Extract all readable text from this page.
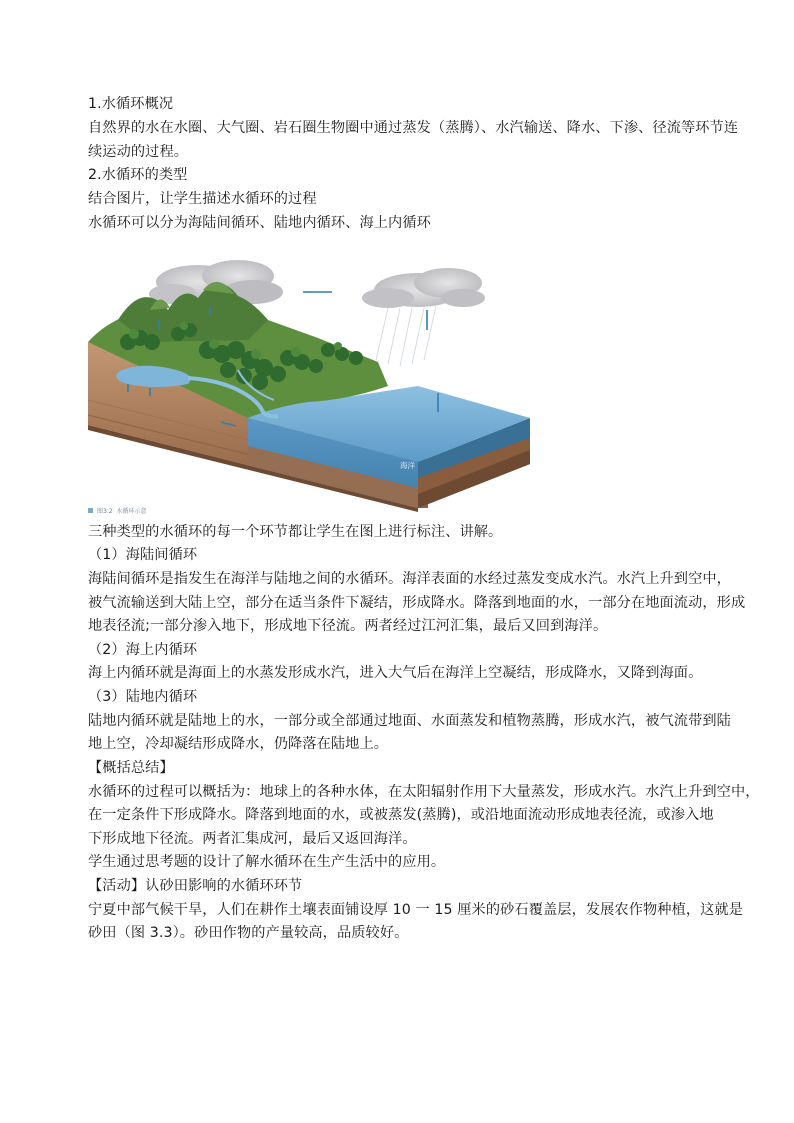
1.水循环概况
自然界的水在水圈、大气圈、岩石圈生物圈中通过蒸发（蒸腾）、水汽输送、降水、下渗、径流等环节连
续运动的过程。
2.水循环的类型
结合图片，让学生描述水循环的过程
水循环可以分为海陆间循环、陆地内循环、海上内循环
海洋
图3.2 水循环示意
三种类型的水循环的每一个环节都让学生在图上进行标注、讲解。
（1）海陆间循环
海陆间循环是指发生在海洋与陆地之间的水循环。海洋表面的水经过蒸发变成水汽。水汽上升到空中，
被气流输送到大陆上空，部分在适当条件下凝结，形成降水。降落到地面的水，一部分在地面流动，形成
地表径流;一部分渗入地下，形成地下径流。两者经过江河汇集，最后又回到海洋。
（2）海上内循环
海上内循环就是海面上的水蒸发形成水汽，进入大气后在海洋上空凝结，形成降水，又降到海面。
（3）陆地内循环
陆地内循环就是陆地上的水，一部分或全部通过地面、水面蒸发和植物蒸腾，形成水汽，被气流带到陆
地上空，冷却凝结形成降水，仍降落在陆地上。
【概括总结】
水循环的过程可以概括为：地球上的各种水体，在太阳辐射作用下大量蒸发，形成水汽。水汽上升到空中，
在一定条件下形成降水。降落到地面的水，或被蒸发(蒸腾)，或沿地面流动形成地表径流，或渗入地
下形成地下径流。两者汇集成河，最后又返回海洋。
学生通过思考题的设计了解水循环在生产生活中的应用。
【活动】认砂田影响的水循环环节
宁夏中部气候干旱，人们在耕作土壤表面铺设厚 10 一 15 厘米的砂石覆盖层，发展农作物种植，这就是
砂田（图 3.3）。砂田作物的产量较高，品质较好。
